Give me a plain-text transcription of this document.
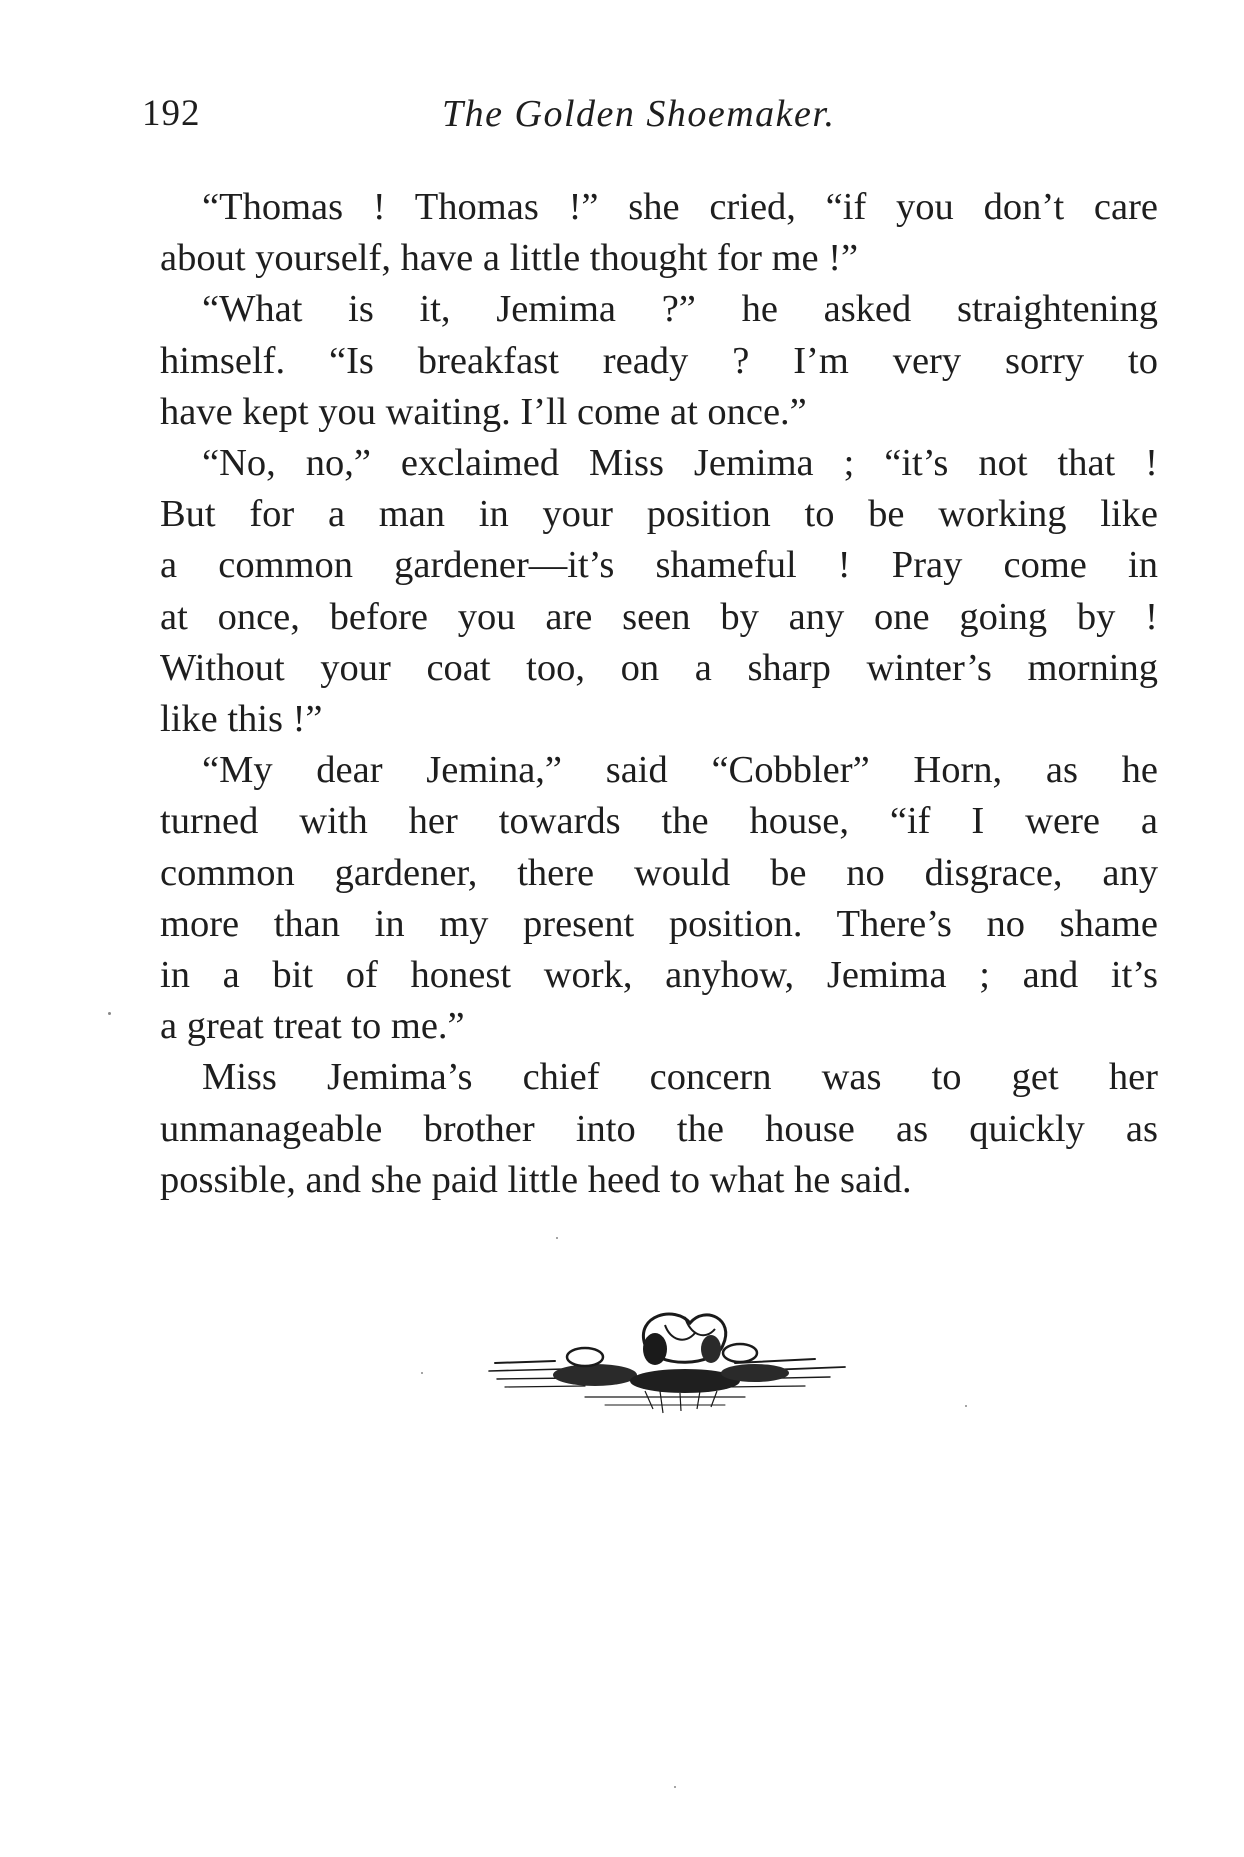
192	The Golden Shoemaker.

“Thomas ! Thomas !” she cried, “if you don’t care
about yourself, have a little thought for me !”

“What is it, Jemima ?” he asked straightening
himself. “Is breakfast ready ? I’m very sorry to
have kept you waiting. I’ll come at once.”

“No, no,” exclaimed Miss Jemima ; “it’s not that !
But for a man in your position to be working like
a common gardener—it’s shameful ! Pray come in
at once, before you are seen by any one going by !
Without your coat too, on a sharp winter’s morning
like this !”

“My dear Jemina,” said “Cobbler” Horn, as he
turned with her towards the house, “if I were a
common gardener, there would be no disgrace, any
more than in my present position. There’s no shame
in a bit of honest work, anyhow, Jemima ; and it’s
a great treat to me.”

Miss Jemima’s chief concern was to get her
unmanageable brother into the house as quickly as
possible, and she paid little heed to what he said.
